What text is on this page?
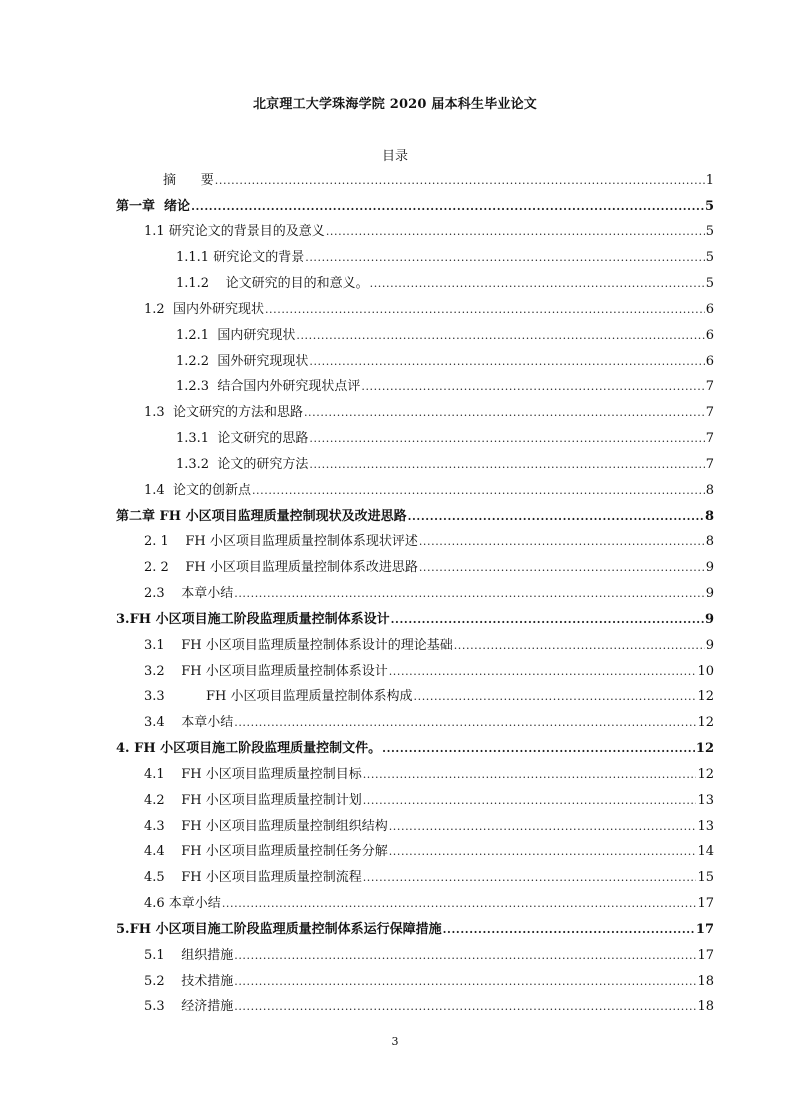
北京理工大学珠海学院 2020 届本科生毕业论文
目录
摘      要 .....	1
第一章  绪论 .....	5
1.1 研究论文的背景目的及意义 .....	5
1.1.1 研究论文的背景 .....	5
1.1.2    论文研究的目的和意义。 .....	5
1.2  国内外研究现状 .....	6
1.2.1  国内研究现状 .....	6
1.2.2  国外研究现现状 .....	6
1.2.3  结合国内外研究现状点评 .....	7
1.3  论文研究的方法和思路 .....	7
1.3.1  论文研究的思路 .....	7
1.3.2  论文的研究方法 .....	7
1.4  论文的创新点 .....	8
第二章 FH 小区项目监理质量控制现状及改进思路 .....	8
2. 1    FH 小区项目监理质量控制体系现状评述 .....	8
2. 2    FH 小区项目监理质量控制体系改进思路 .....	9
2.3    本章小结 .....	9
3.FH 小区项目施工阶段监理质量控制体系设计 .....	9
3.1    FH 小区项目监理质量控制体系设计的理论基础 .....	9
3.2    FH 小区项目监理质量控制体系设计 .....	10
3.3          FH 小区项目监理质量控制体系构成 .....	12
3.4    本章小结 .....	12
4. FH 小区项目施工阶段监理质量控制文件。 .....	12
4.1    FH 小区项目监理质量控制目标 .....	12
4.2    FH 小区项目监理质量控制计划 .....	13
4.3    FH 小区项目监理质量控制组织结构 .....	13
4.4    FH 小区项目监理质量控制任务分解 .....	14
4.5    FH 小区项目监理质量控制流程 .....	15
4.6 本章小结 .....	17
5.FH 小区项目施工阶段监理质量控制体系运行保障措施 .....	17
5.1    组织措施 .....	17
5.2    技术措施 .....	18
5.3    经济措施 .....	18
3
